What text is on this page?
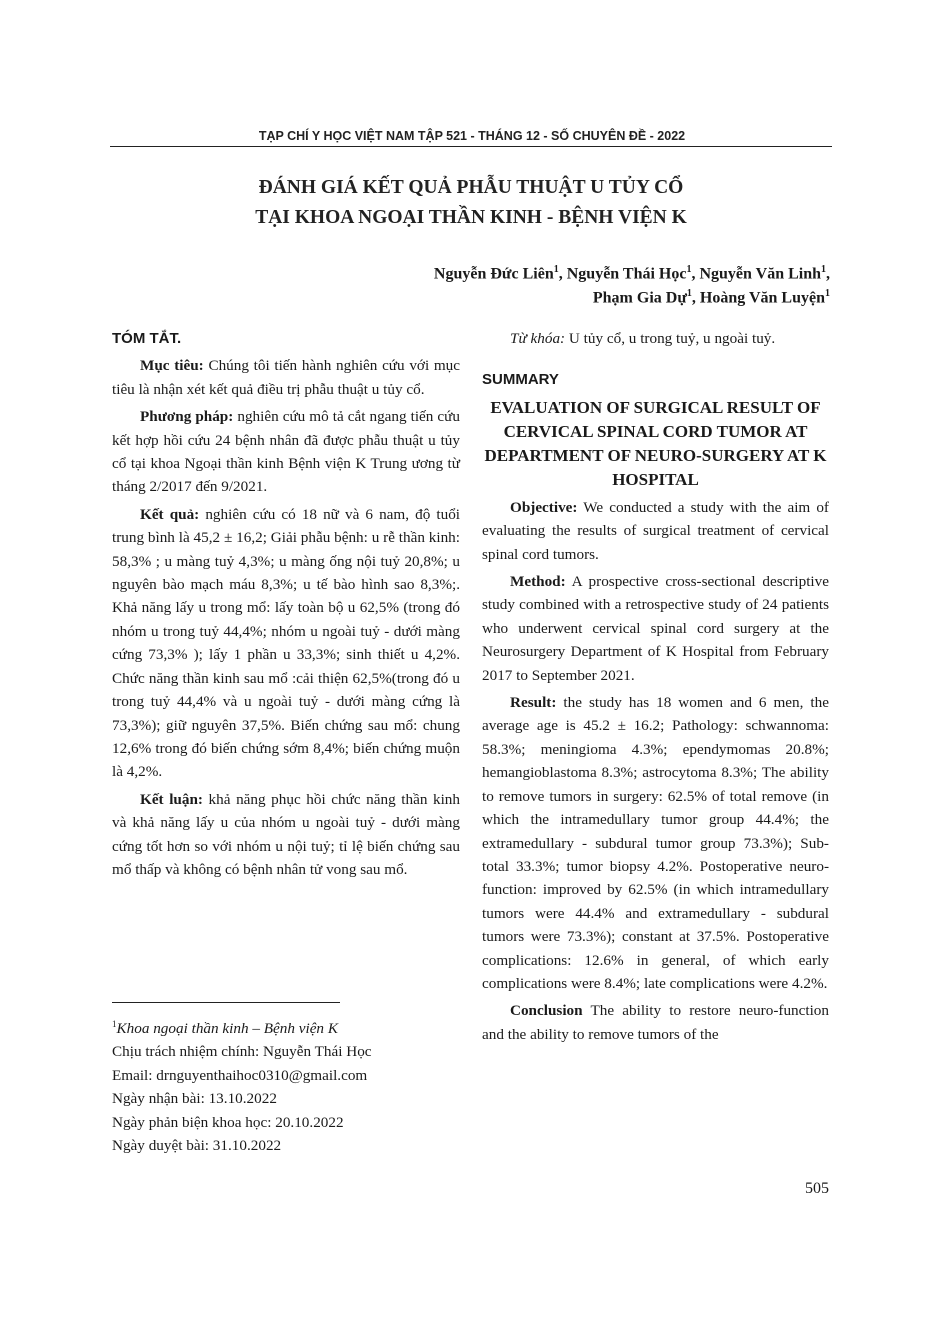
TẠP CHÍ Y HỌC VIỆT NAM TẬP 521 - THÁNG 12 - SỐ CHUYÊN ĐỀ - 2022
ĐÁNH GIÁ KẾT QUẢ PHẪU THUẬT U TỦY CỔ
TẠI KHOA NGOẠI THẦN KINH - BỆNH VIỆN K
Nguyễn Đức Liên$^1$, Nguyễn Thái Học$^1$, Nguyễn Văn Linh$^1$,
Phạm Gia Dự$^1$, Hoàng Văn Luyện$^1$

TÓM TẮT.

Mục tiêu: Chúng tôi tiến hành nghiên cứu với mục tiêu là nhận xét kết quả điều trị phẫu thuật u tủy cổ.

Phương pháp: nghiên cứu mô tả cắt ngang tiến cứu kết hợp hồi cứu 24 bệnh nhân đã được phẫu thuật u tủy cổ tại khoa Ngoại thần kinh Bệnh viện K Trung ương từ tháng 2/2017 đến 9/2021.

Kết quả: nghiên cứu có 18 nữ và 6 nam, độ tuổi trung bình là 45,2 ± 16,2; Giải phẫu bệnh: u rễ thần kinh: 58,3% ; u màng tuỷ 4,3%; u màng ống nội tuỷ 20,8%; u nguyên bào mạch máu 8,3%; u tế bào hình sao 8,3%;. Khả năng lấy u trong mổ: lấy toàn bộ u 62,5% (trong đó nhóm u trong tuỷ 44,4%; nhóm u ngoài tuỷ - dưới màng cứng 73,3% ); lấy 1 phần u 33,3%; sinh thiết u 4,2%. Chức năng thần kinh sau mổ :cải thiện 62,5%(trong đó u trong tuỷ 44,4% và u ngoài tuỷ - dưới màng cứng là 73,3%); giữ nguyên 37,5%. Biến chứng sau mổ: chung 12,6% trong đó biến chứng sớm 8,4%; biến chứng muộn là 4,2%.

Kết luận: khả năng phục hồi chức năng thần kinh và khả năng lấy u của nhóm u ngoài tuỷ - dưới màng cứng tốt hơn so với nhóm u nội tuỷ; tỉ lệ biến chứng sau mổ thấp và không có bệnh nhân tử vong sau mổ.

$^1$Khoa ngoại thần kinh – Bệnh viện K
Chịu trách nhiệm chính: Nguyễn Thái Học
Email: drnguyenthaihoc0310@gmail.com
Ngày nhận bài: 13.10.2022
Ngày phản biện khoa học: 20.10.2022
Ngày duyệt bài: 31.10.2022

Từ khóa: U tủy cổ, u trong tuỷ, u ngoài tuỷ.

SUMMARY

EVALUATION OF SURGICAL RESULT OF CERVICAL SPINAL CORD TUMOR AT DEPARTMENT OF NEURO-SURGERY AT K HOSPITAL

Objective: We conducted a study with the aim of evaluating the results of surgical treatment of cervical spinal cord tumors.

Method: A prospective cross-sectional descriptive study combined with a retrospective study of 24 patients who underwent cervical spinal cord surgery at the Neurosurgery Department of K Hospital from February 2017 to September 2021.

Result: the study has 18 women and 6 men, the average age is 45.2 ± 16.2; Pathology: schwannoma: 58.3%; meningioma 4.3%; ependymomas 20.8%; hemangioblastoma 8.3%; astrocytoma 8.3%; The ability to remove tumors in surgery: 62.5% of total remove (in which the intramedullary tumor group 44.4%; the extramedullary - subdural tumor group 73.3%); Sub-total 33.3%; tumor biopsy 4.2%. Postoperative neuro-function: improved by 62.5% (in which intramedullary tumors were 44.4% and extramedullary - subdural tumors were 73.3%); constant at 37.5%. Postoperative complications: 12.6% in general, of which early complications were 8.4%; late complications were 4.2%.

Conclusion The ability to restore neuro-function and the ability to remove tumors of the

505
